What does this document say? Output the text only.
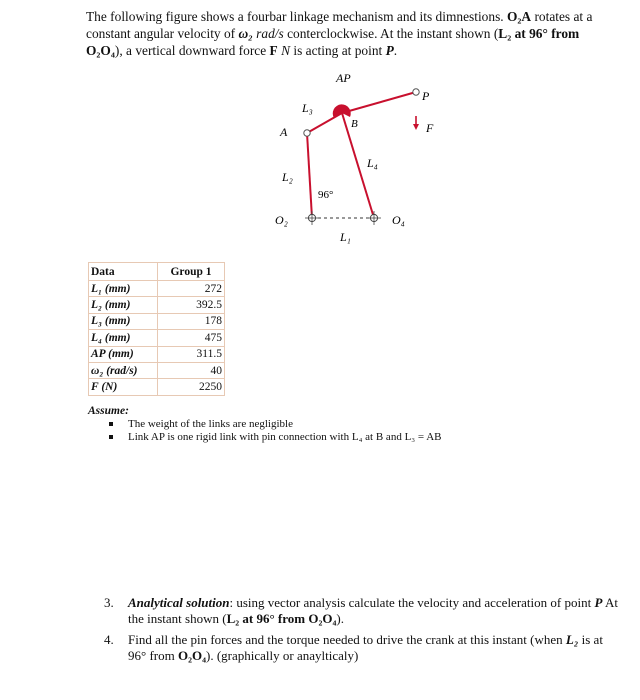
The following figure shows a fourbar linkage mechanism and its dimnestions. O₂A rotates at a constant angular velocity of ω₂ rad/s conterclockwise. At the instant shown (L₂ at 96° from O₂O₄), a vertical downward force F N is acting at point P.
AP
P
L₃
A
B	F
L₄
L₂
96°
O₂	O₄
L₁
Data	Group 1
L₁ (mm)	272
L₂ (mm)	392.5
L₃ (mm)	178
L₄ (mm)	475
AP (mm)	311.5
ω₂ (rad/s)	40
F (N)	2250
Assume:
The weight of the links are negligible
Link AP is one rigid link with pin connection with L₄ at B and L₃ = AB
3. Analytical solution: using vector analysis calculate the velocity and acceleration of point P At the instant shown (L₂ at 96° from O₂O₄).
4. Find all the pin forces and the torque needed to drive the crank at this instant (when L₂ is at 96° from O₂O₄). (graphically or anaylticaly)
